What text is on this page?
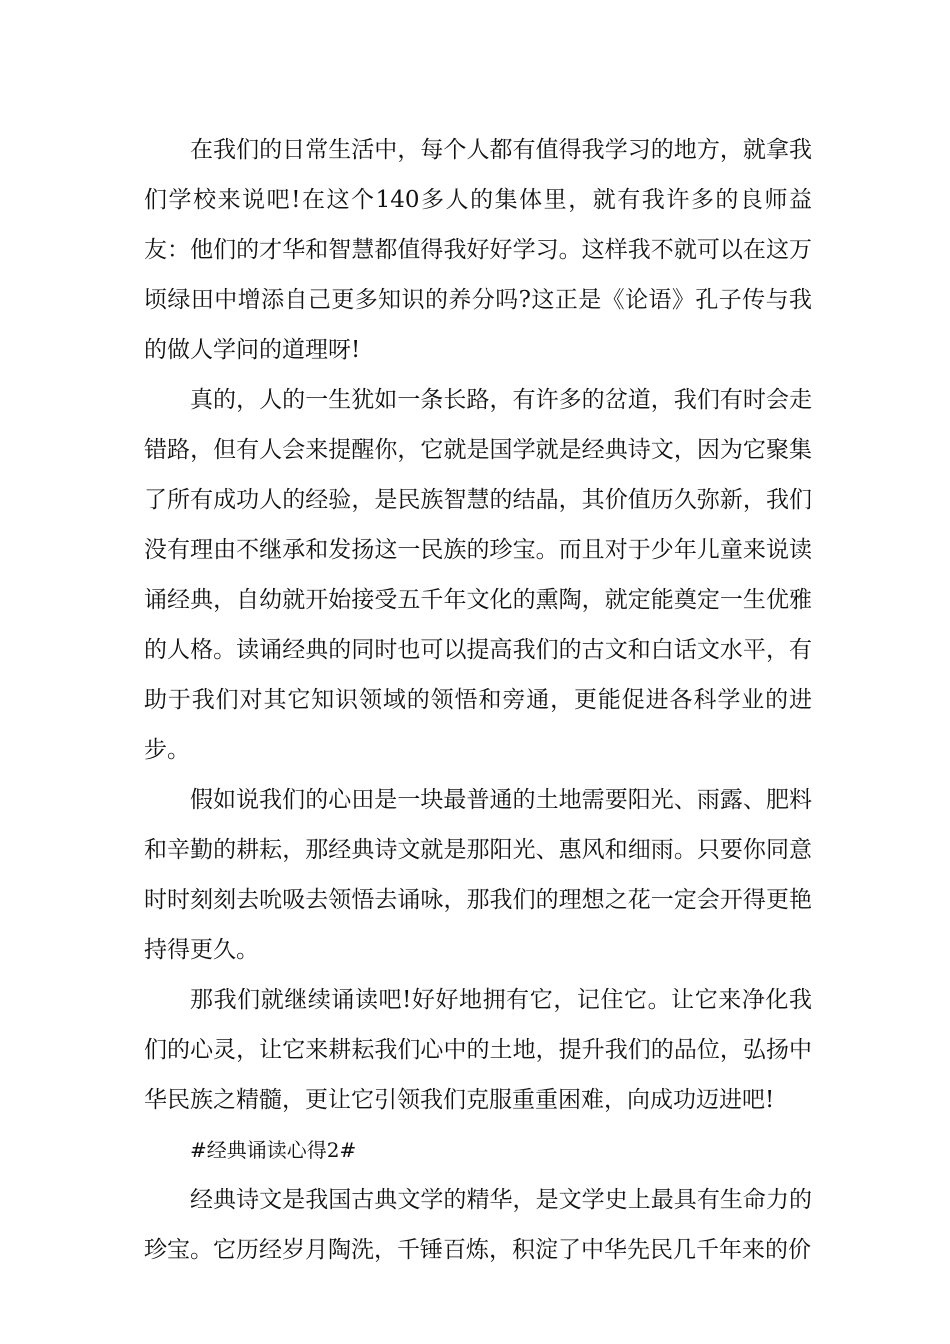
在我们的日常生活中，每个人都有值得我学习的地方，就拿我们学校来说吧!在这个140多人的集体里，就有我许多的良师益友：他们的才华和智慧都值得我好好学习。这样我不就可以在这万顷绿田中增添自己更多知识的养分吗?这正是《论语》孔子传与我的做人学问的道理呀!

真的，人的一生犹如一条长路，有许多的岔道，我们有时会走错路，但有人会来提醒你，它就是国学就是经典诗文，因为它聚集了所有成功人的经验，是民族智慧的结晶，其价值历久弥新，我们没有理由不继承和发扬这一民族的珍宝。而且对于少年儿童来说读诵经典，自幼就开始接受五千年文化的熏陶，就定能奠定一生优雅的人格。读诵经典的同时也可以提高我们的古文和白话文水平，有助于我们对其它知识领域的领悟和旁通，更能促进各科学业的进步。

假如说我们的心田是一块最普通的土地需要阳光、雨露、肥料和辛勤的耕耘，那经典诗文就是那阳光、惠风和细雨。只要你同意时时刻刻去吮吸去领悟去诵咏，那我们的理想之花一定会开得更艳持得更久。

那我们就继续诵读吧!好好地拥有它，记住它。让它来净化我们的心灵，让它来耕耘我们心中的土地，提升我们的品位，弘扬中华民族之精髓，更让它引领我们克服重重困难，向成功迈进吧!

#经典诵读心得2#

经典诗文是我国古典文学的精华，是文学史上最具有生命力的珍宝。它历经岁月陶洗，千锤百炼，积淀了中华先民几千年来的价
